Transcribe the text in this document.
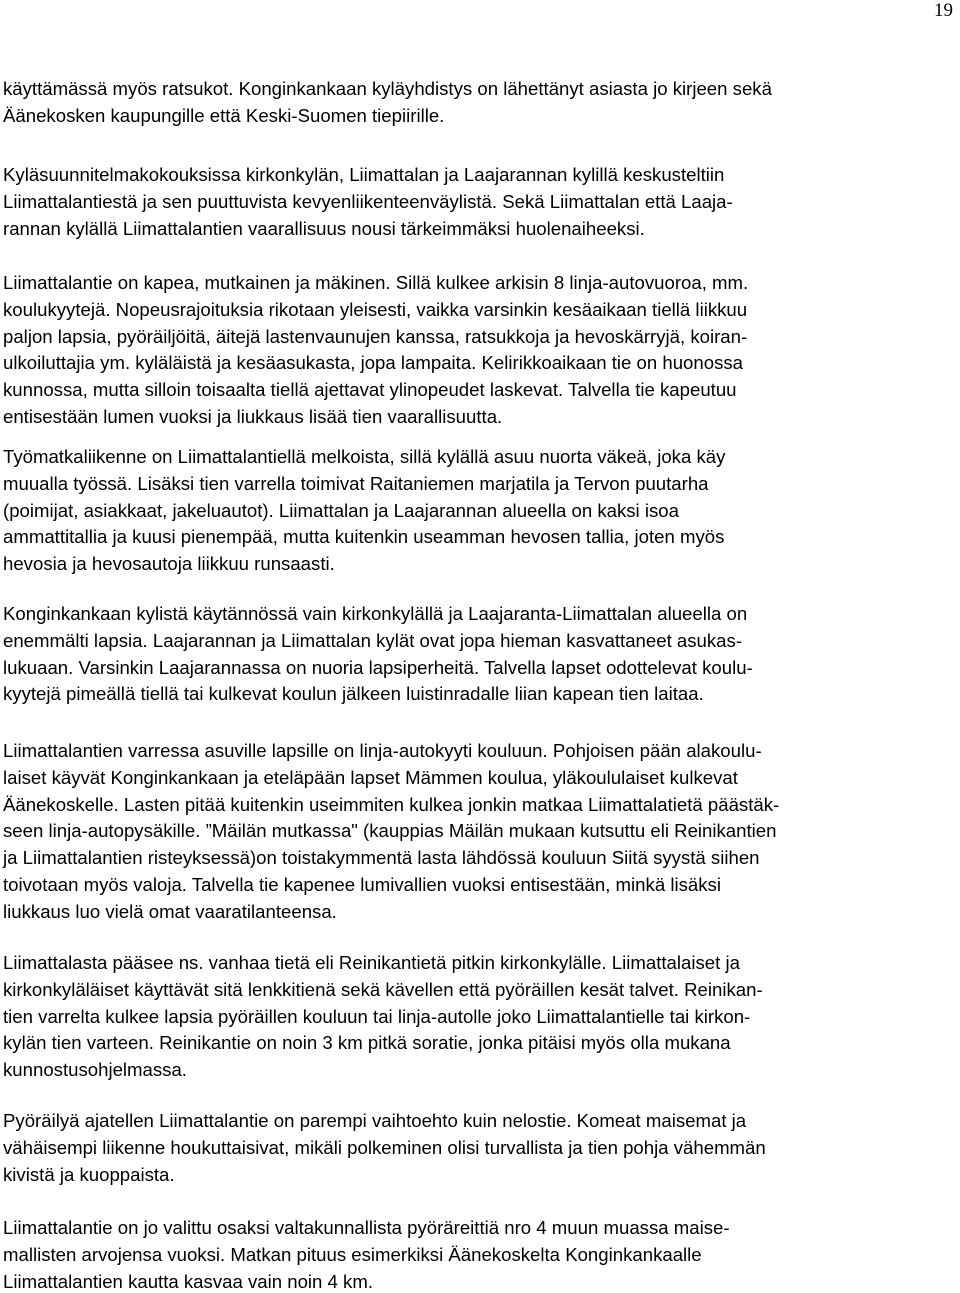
19
käyttämässä myös ratsukot. Konginkankaan kyläyhdistys on lähettänyt asiasta jo kirjeen sekä
Äänekosken kaupungille että Keski-Suomen tiepiirille.
Kyläsuunnitelmakokouksissa kirkonkylän, Liimattalan ja Laajarannan kylillä keskusteltiin
Liimattalantiestä ja sen puuttuvista kevyenliikenteenväylistä. Sekä Liimattalan että Laaja-
rannan kylällä Liimattalantien vaarallisuus nousi tärkeimmäksi huolenaiheeksi.
Liimattalantie on kapea, mutkainen ja mäkinen. Sillä kulkee arkisin 8 linja-autovuoroa, mm.
koulukyytejä. Nopeusrajoituksia rikotaan yleisesti, vaikka varsinkin kesäaikaan tiellä liikkuu
paljon lapsia, pyöräiljöitä, äitejä lastenvaunujen kanssa, ratsukkoja ja hevoskärryjä, koiran-
ulkoiluttajia ym. kyläläistä ja kesäasukasta, jopa lampaita. Kelirikkoaikaan tie on huonossa
kunnossa, mutta silloin toisaalta tiellä ajettavat ylinopeudet laskevat. Talvella tie kapeutuu
entisestään lumen vuoksi ja liukkaus lisää tien vaarallisuutta.
Työmatkaliikenne on Liimattalantiellä melkoista, sillä kylällä asuu nuorta väkeä, joka käy
muualla työssä. Lisäksi tien varrella toimivat Raitaniemen marjatila ja Tervon puutarha
(poimijat, asiakkaat, jakeluautot). Liimattalan ja Laajarannan alueella on kaksi isoa
ammattitallia ja kuusi pienempää, mutta kuitenkin useamman hevosen tallia, joten myös
hevosia ja hevosautoja liikkuu runsaasti.
Konginkankaan kylistä käytännössä vain kirkonkylällä ja Laajaranta-Liimattalan alueella on
enemmälti lapsia. Laajarannan ja Liimattalan kylät ovat jopa hieman kasvattaneet asukas-
lukuaan. Varsinkin Laajarannassa on nuoria lapsiperheitä. Talvella lapset odottelevat koulu-
kyytejä pimeällä tiellä tai kulkevat koulun jälkeen luistinradalle liian kapean tien laitaa.
Liimattalantien varressa asuville lapsille on linja-autokyyti kouluun. Pohjoisen pään alakoulu-
laiset käyvät Konginkankaan ja eteläpään lapset Mämmen koulua, yläkoululaiset kulkevat
Äänekoskelle. Lasten pitää kuitenkin useimmiten kulkea jonkin matkaa Liimattalatietä päästäk-
seen linja-autopysäkille. ”Mäilän mutkassa" (kauppias Mäilän mukaan kutsuttu eli Reinikantien
ja Liimattalantien risteyksessä)on toistakymmentä lasta lähdössä kouluun Siitä syystä siihen
toivotaan myös valoja. Talvella tie kapenee lumivallien vuoksi entisestään, minkä lisäksi
liukkaus luo vielä omat vaaratilanteensa.
Liimattalasta pääsee ns. vanhaa tietä eli Reinikantietä pitkin kirkonkylälle. Liimattalaiset ja
kirkonkyläläiset käyttävät sitä lenkkitienä sekä kävellen että pyöräillen kesät talvet. Reinikan-
tien varrelta kulkee lapsia pyöräillen kouluun tai linja-autolle joko Liimattalantielle tai kirkon-
kylän tien varteen. Reinikantie on noin 3 km pitkä soratie, jonka pitäisi myös olla mukana
kunnostusohjelmassa.
Pyöräilyä ajatellen Liimattalantie on parempi vaihtoehto kuin nelostie. Komeat maisemat ja
vähäisempi liikenne houkuttaisivat, mikäli polkeminen olisi turvallista ja tien pohja vähemmän
kivistä ja kuoppaista.
Liimattalantie on jo valittu osaksi valtakunnallista pyöräreittiä nro 4 muun muassa maise-
mallisten arvojensa vuoksi. Matkan pituus esimerkiksi Äänekoskelta Konginkankaalle
Liimattalantien kautta kasvaa vain noin 4 km.
